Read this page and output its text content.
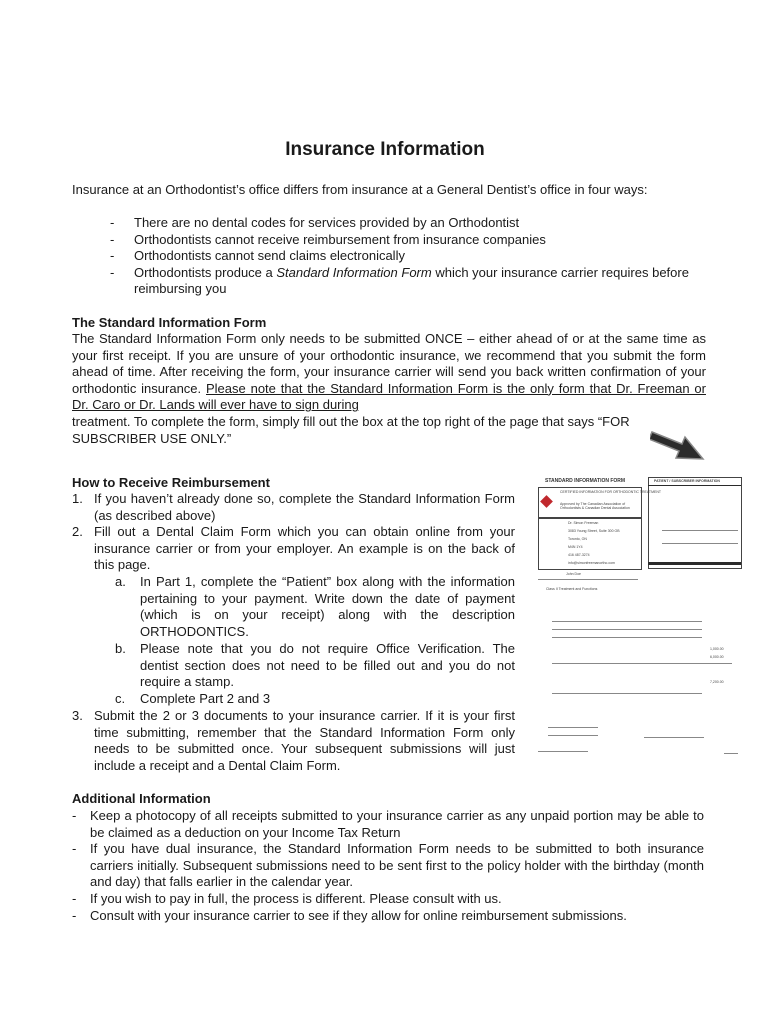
Insurance Information
Insurance at an Orthodontist’s office differs from insurance at a General Dentist’s office in four ways:
- There are no dental codes for services provided by an Orthodontist
- Orthodontists cannot receive reimbursement from insurance companies
- Orthodontists cannot send claims electronically
- Orthodontists produce a Standard Information Form which your insurance carrier requires before reimbursing you
The Standard Information Form
The Standard Information Form only needs to be submitted ONCE – either ahead of or at the same time as your first receipt. If you are unsure of your orthodontic insurance, we recommend that you submit the form ahead of time. After receiving the form, your insurance carrier will send you back written confirmation of your orthodontic insurance. Please note that the Standard Information Form is the only form that Dr. Freeman or Dr. Caro or Dr. Lands will ever have to sign during
treatment. To complete the form, simply fill out the box at the top right of the page that says “FOR SUBSCRIBER USE ONLY.”
How to Receive Reimbursement
1. If you haven’t already done so, complete the Standard Information Form (as described above)
2. Fill out a Dental Claim Form which you can obtain online from your insurance carrier or from your employer. An example is on the back of this page.
a. In Part 1, complete the “Patient” box along with the information pertaining to your payment. Write down the date of payment (which is on your receipt) along with the description ORTHODONTICS.
b. Please note that you do not require Office Verification. The dentist section does not need to be filled out and you do not require a stamp.
c. Complete Part 2 and 3
3. Submit the 2 or 3 documents to your insurance carrier. If it is your first time submitting, remember that the Standard Information Form only needs to be submitted once. Your subsequent submissions will just include a receipt and a Dental Claim Form.
STANDARD INFORMATION FORM	PATIENT / SUBSCRIBER INFORMATION
CERTIFIED INFORMATION FOR ORTHODONTIC TREATMENT
Approved by The Canadian Association of Orthodontists & Canadian Dental Association
Dr. Simon Freeman
3083 Young Street, Suite 300 OB
Toronto, ON
M4N 1Y4
416 487-3274
info@simonfreemanortho.com
John Doe
Class II Treatment and Functions
1,000.00
6,000.00
7,200.00
Additional Information
- Keep a photocopy of all receipts submitted to your insurance carrier as any unpaid portion may be able to be claimed as a deduction on your Income Tax Return
- If you have dual insurance, the Standard Information Form needs to be submitted to both insurance carriers initially. Subsequent submissions need to be sent first to the policy holder with the birthday (month and day) that falls earlier in the calendar year.
- If you wish to pay in full, the process is different. Please consult with us.
- Consult with your insurance carrier to see if they allow for online reimbursement submissions.
